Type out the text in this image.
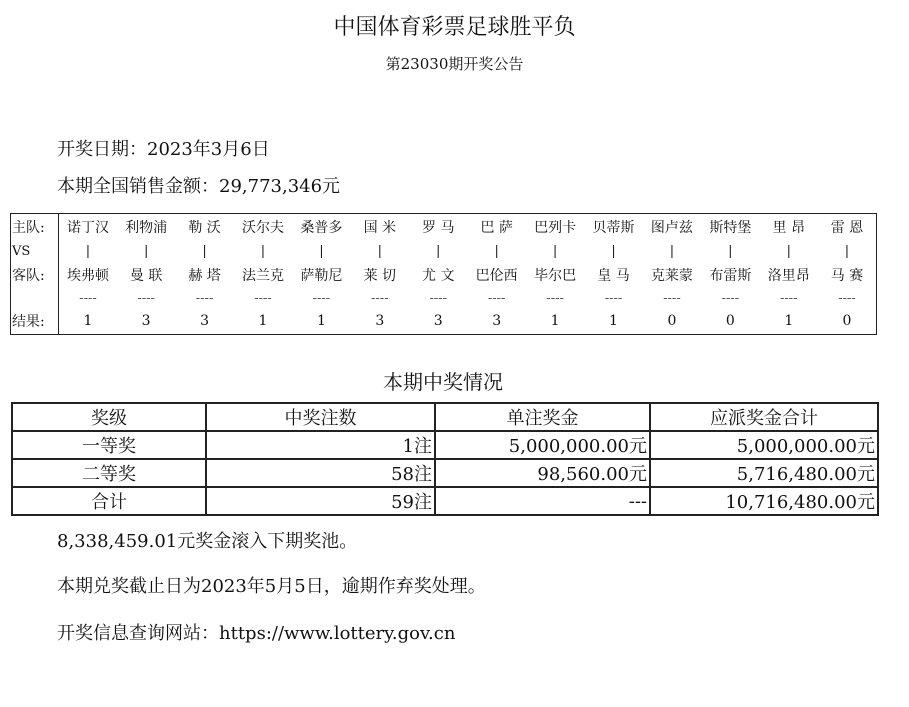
中国体育彩票足球胜平负
第23030期开奖公告
开奖日期：2023年3月6日
本期全国销售金额：29,773,346元
主队:	诺丁汉	利物浦	勒 沃	沃尔夫	桑普多	国 米	罗 马	巴 萨	巴列卡	贝蒂斯	图卢兹	斯特堡	里 昂	雷 恩
VS	|	|	|	|	|	|	|	|	|	|	|	|	|	|
客队:	埃弗顿	曼 联	赫 塔	法兰克	萨勒尼	莱 切	尤 文	巴伦西	毕尔巴	皇 马	克莱蒙	布雷斯	洛里昂	马 赛
	----	----	----	----	----	----	----	----	----	----	----	----	----	----
结果:	1	3	3	1	1	3	3	3	1	1	0	0	1	0
本期中奖情况
奖级	中奖注数	单注奖金	应派奖金合计
一等奖	1注	5,000,000.00元	5,000,000.00元
二等奖	58注	98,560.00元	5,716,480.00元
合计	59注	---	10,716,480.00元
8,338,459.01元奖金滚入下期奖池。
本期兑奖截止日为2023年5月5日，逾期作弃奖处理。
开奖信息查询网站：https://www.lottery.gov.cn
